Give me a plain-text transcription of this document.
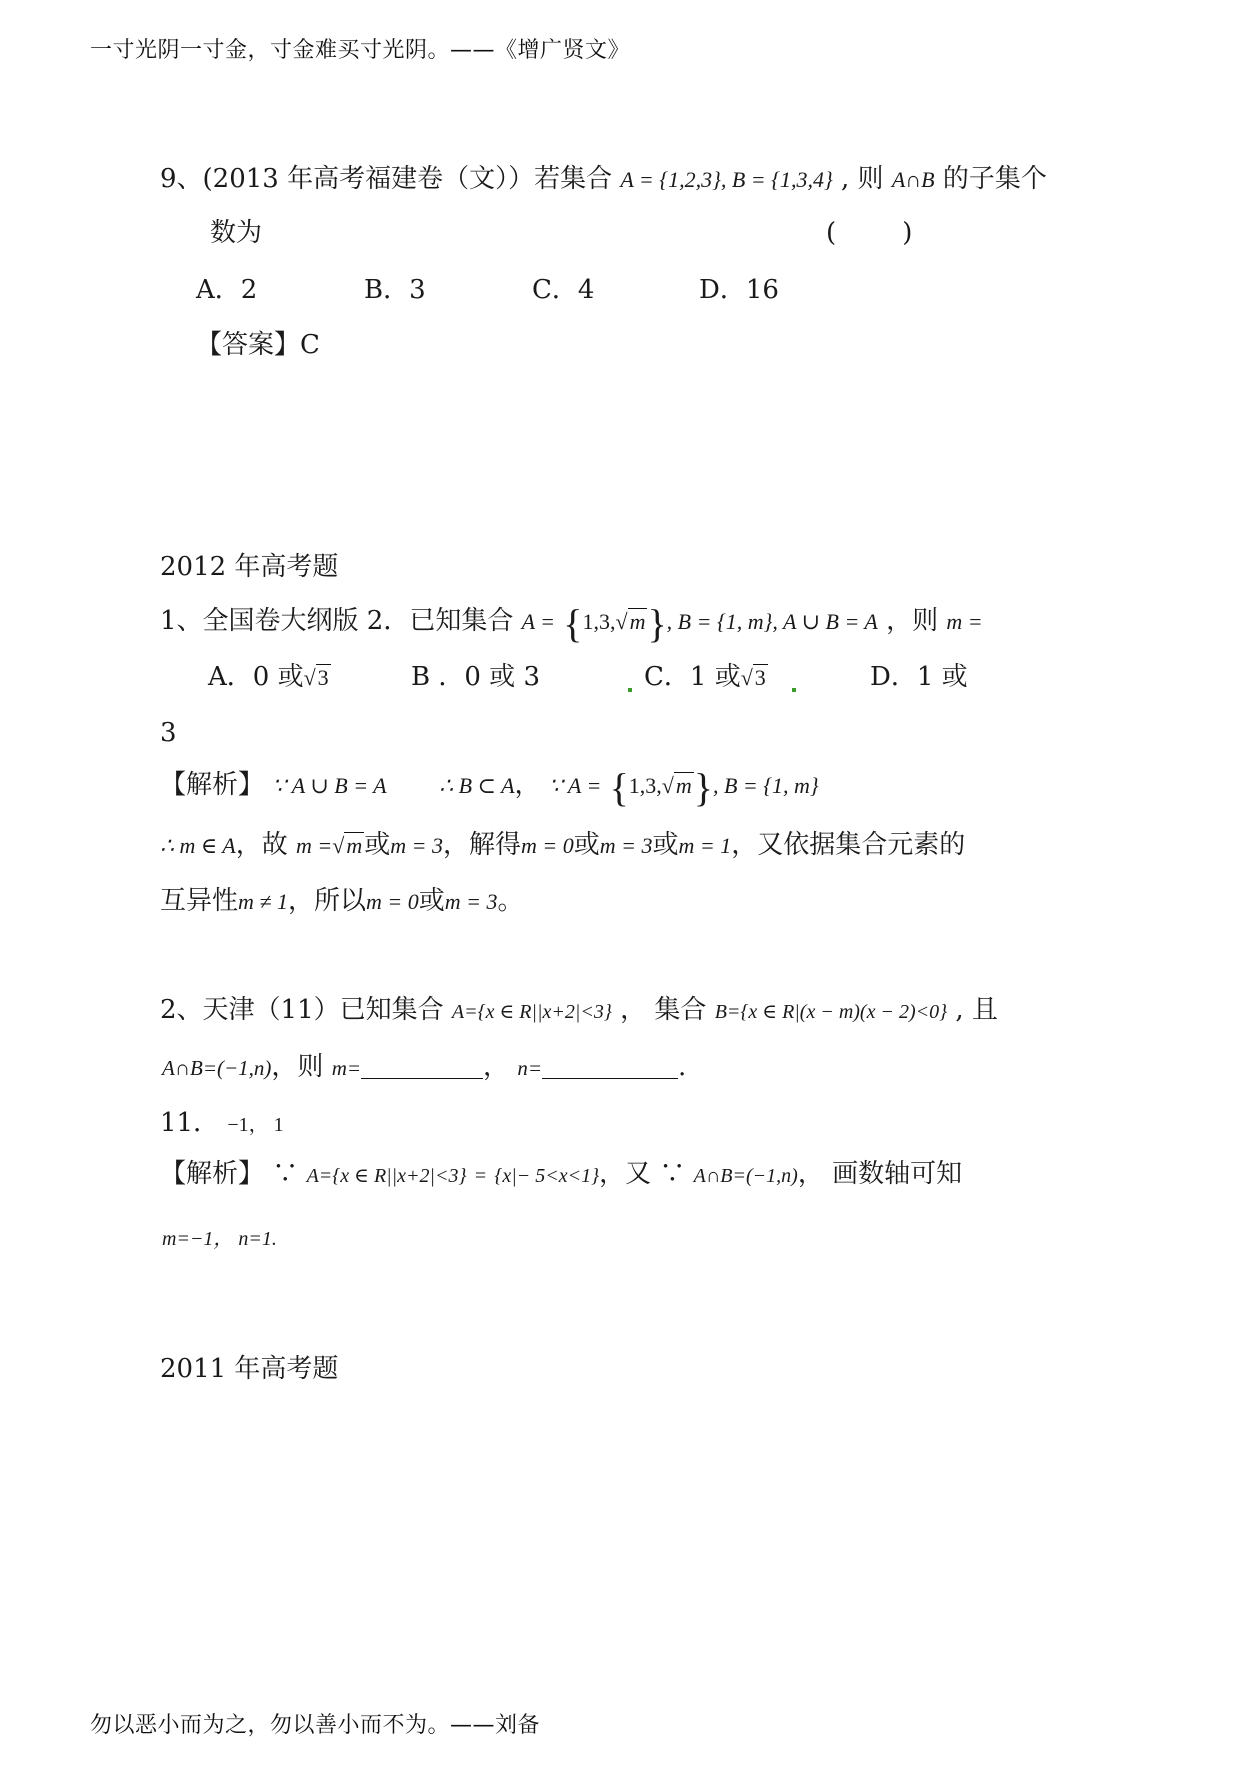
一寸光阴一寸金，寸金难买寸光阴。——《增广贤文》
9、(2013 年高考福建卷（文））若集合 A = {1,2,3}, B = {1,3,4} , 则 A∩B 的子集个
数为	(        )
A．2	B．3	C．4	D．16
【答案】C
2012 年高考题
1、全国卷大纲版 2．已知集合 A = {1,3,√m}, B = {1, m}, A ∪ B = A ，则 m =
A．0 或√3	B ．0 或 3	C．1 或√3	D．1 或
3
【解析】 ∵ A ∪ B = A ∴ B ⊂ A， ∵ A = {1,3,√m}, B = {1, m}
∴ m ∈ A，故 m =√m或m = 3，解得m = 0或m = 3或m = 1，又依据集合元素的
互异性m ≠ 1，所以m = 0或m = 3。
2、天津（11）已知集合 A={x ∈ R||x+2|<3} ， 集合 B={x ∈ R|(x − m)(x − 2)<0} , 且
A∩B=(−1,n)，则 m=	， n=	.
11． −1， 1
【解析】 ∵ A={x ∈ R||x+2|<3} = {x|− 5<x<1}，又 ∵ A∩B=(−1,n)， 画数轴可知
m=−1， n=1.
2011 年高考题
勿以恶小而为之，勿以善小而不为。——刘备
